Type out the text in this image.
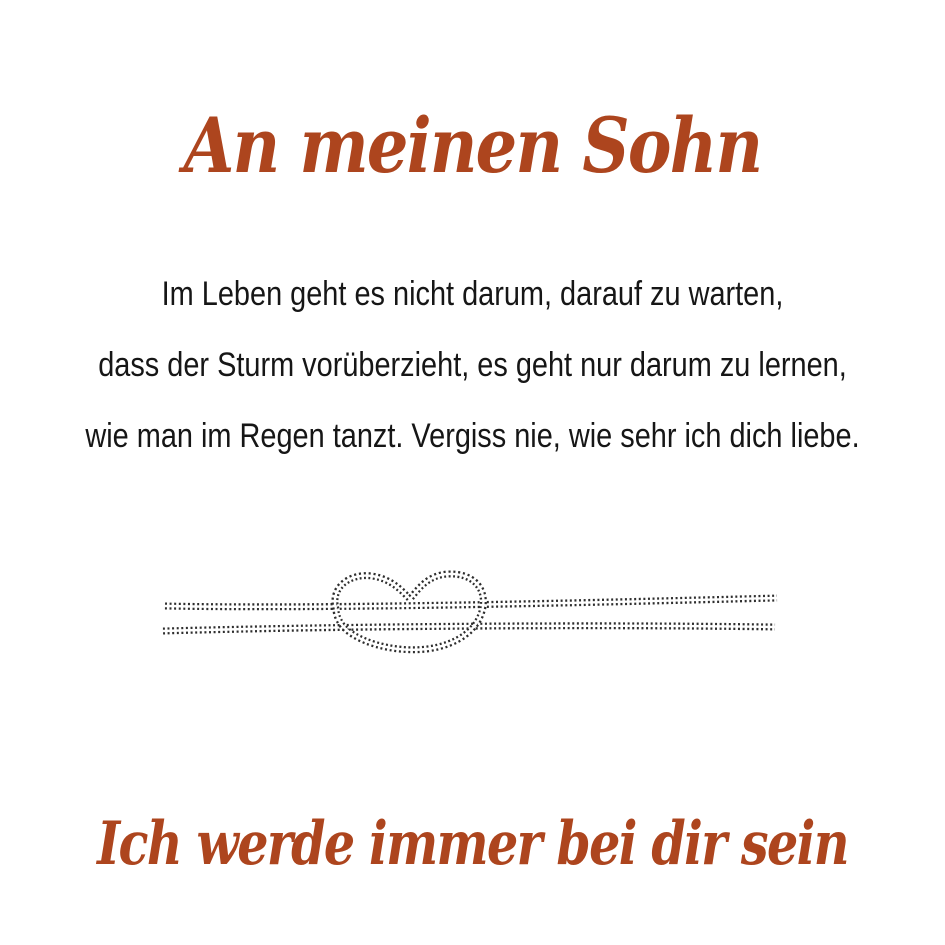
An meinen Sohn
Im Leben geht es nicht darum, darauf zu warten,
dass der Sturm vorüberzieht, es geht nur darum zu lernen,
wie man im Regen tanzt. Vergiss nie, wie sehr ich dich liebe.
Ich werde immer bei dir sein
